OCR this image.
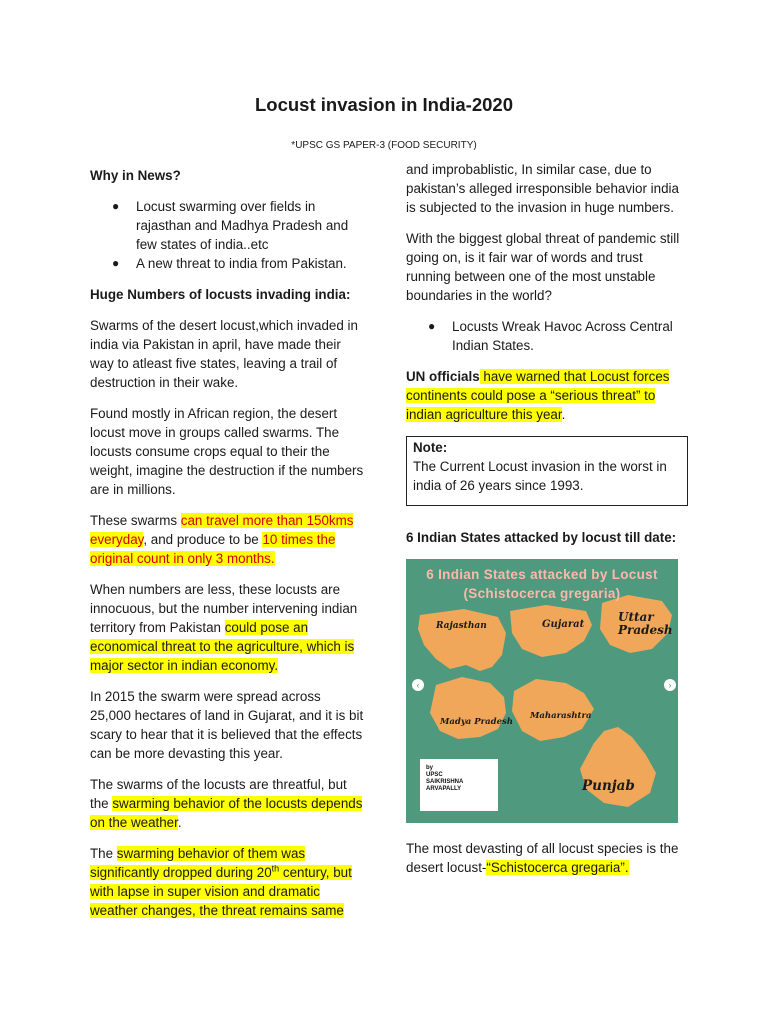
Locust invasion in India-2020
*UPSC GS PAPER-3 (FOOD SECURITY)

Why in News?

● Locust swarming over fields in rajasthan and Madhya Pradesh and few states of india..etc
● A new threat to india from Pakistan.

Huge Numbers of locusts invading india:

Swarms of the desert locust,which invaded in india via Pakistan in april, have made their way to atleast five states, leaving a trail of destruction in their wake.

Found mostly in African region, the desert locust move in groups called swarms. The locusts consume crops equal to their the weight, imagine the destruction if the numbers are in millions.

These swarms can travel more than 150kms everyday, and produce to be 10 times the original count in only 3 months.

When numbers are less, these locusts are innocuous, but the number intervening indian territory from Pakistan could pose an economical threat to the agriculture, which is major sector in indian economy.

In 2015 the swarm were spread across 25,000 hectares of land in Gujarat, and it is bit scary to hear that it is believed that the effects can be more devasting this year.

The swarms of the locusts are threatful, but the swarming behavior of the locusts depends on the weather.

The swarming behavior of them was significantly dropped during 20th century, but with lapse in super vision and dramatic weather changes, the threat remains same

and improbablistic, In similar case, due to pakistan’s alleged irresponsible behavior india is subjected to the invasion in huge numbers.

With the biggest global threat of pandemic still going on, is it fair war of words and trust running between one of the most unstable boundaries in the world?

● Locusts Wreak Havoc Across Central Indian States.

UN officials have warned that Locust forces continents could pose a “serious threat” to indian agriculture this year.

Note:
The Current Locust invasion in the worst in india of 26 years since 1993.

6 Indian States attacked by locust till date:

6 Indian States attacked by Locust
(Schistocerca gregaria)
Rajasthan	Gujarat
Uttar Pradesh
Madya Pradesh
Maharashtra
Punjab
by
UPSC
SAIKRISHNA
ARVAPALLY
‹	›

The most devasting of all locust species is the desert locust-“Schistocerca gregaria”.
